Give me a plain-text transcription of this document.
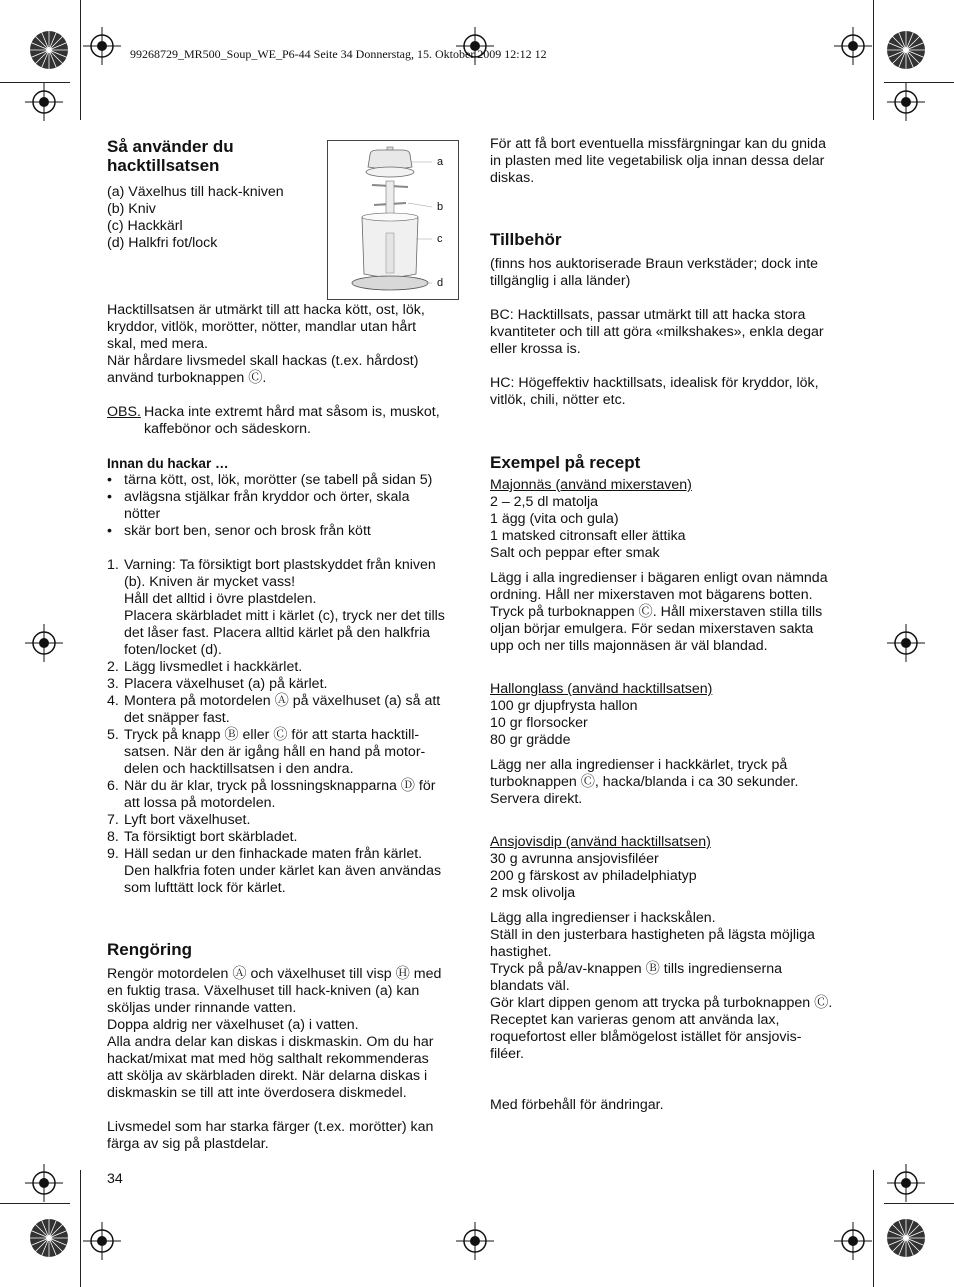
99268729_MR500_Soup_WE_P6-44 Seite 34 Donnerstag, 15. Oktober 2009 12:12 12
Så använder du
hacktillsatsen
(a) Växelhus till hack-kniven
(b) Kniv
(c) Hackkärl
(d) Halkfri fot/lock
a
b
c
d
Hacktillsatsen är utmärkt till att hacka kött, ost, lök,
kryddor, vitlök, morötter, nötter, mandlar utan hårt
skal, med mera.
När hårdare livsmedel skall hackas (t.ex. hårdost)
använd turboknappen Ⓒ.
OBS. Hacka inte extremt hård mat såsom is, muskot,
kaffebönor och sädeskorn.
Innan du hackar …
• tärna kött, ost, lök, morötter (se tabell på sidan 5)
• avlägsna stjälkar från kryddor och örter, skala
nötter
• skär bort ben, senor och brosk från kött
1. Varning: Ta försiktigt bort plastskyddet från kniven
(b). Kniven är mycket vass!
Håll det alltid i övre plastdelen.
Placera skärbladet mitt i kärlet (c), tryck ner det tills
det låser fast. Placera alltid kärlet på den halkfria
foten/locket (d).
2. Lägg livsmedlet i hackkärlet.
3. Placera växelhuset (a) på kärlet.
4. Montera på motordelen Ⓐ på växelhuset (a) så att
det snäpper fast.
5. Tryck på knapp Ⓑ eller Ⓒ för att starta hacktill-
satsen. När den är igång håll en hand på motor-
delen och hacktillsatsen i den andra.
6. När du är klar, tryck på lossningsknapparna Ⓓ för
att lossa på motordelen.
7. Lyft bort växelhuset.
8. Ta försiktigt bort skärbladet.
9. Häll sedan ur den finhackade maten från kärlet.
Den halkfria foten under kärlet kan även användas
som lufttätt lock för kärlet.
Rengöring
Rengör motordelen Ⓐ och växelhuset till visp Ⓗ med
en fuktig trasa. Växelhuset till hack-kniven (a) kan
sköljas under rinnande vatten.
Doppa aldrig ner växelhuset (a) i vatten.
Alla andra delar kan diskas i diskmaskin. Om du har
hackat/mixat mat med hög salthalt rekommenderas
att skölja av skärbladen direkt. När delarna diskas i
diskmaskin se till att inte överdosera diskmedel.
Livsmedel som har starka färger (t.ex. morötter) kan
färga av sig på plastdelar.
34
För att få bort eventuella missfärgningar kan du gnida
in plasten med lite vegetabilisk olja innan dessa delar
diskas.
Tillbehör
(finns hos auktoriserade Braun verkstäder; dock inte
tillgänglig i alla länder)
BC: Hacktillsats, passar utmärkt till att hacka stora
kvantiteter och till att göra «milkshakes», enkla degar
eller krossa is.
HC: Högeffektiv hacktillsats, idealisk för kryddor, lök,
vitlök, chili, nötter etc.
Exempel på recept
Majonnäs (använd mixerstaven)
2 – 2,5 dl matolja
1 ägg (vita och gula)
1 matsked citronsaft eller ättika
Salt och peppar efter smak
Lägg i alla ingredienser i bägaren enligt ovan nämnda
ordning. Håll ner mixerstaven mot bägarens botten.
Tryck på turboknappen Ⓒ. Håll mixerstaven stilla tills
oljan börjar emulgera. För sedan mixerstaven sakta
upp och ner tills majonnäsen är väl blandad.
Hallonglass (använd hacktillsatsen)
100 gr djupfrysta hallon
10 gr florsocker
80 gr grädde
Lägg ner alla ingredienser i hackkärlet, tryck på
turboknappen Ⓒ, hacka/blanda i ca 30 sekunder.
Servera direkt.
Ansjovisdip (använd hacktillsatsen)
30 g avrunna ansjovisfiléer
200 g färskost av philadelphiatyp
2 msk olivolja
Lägg alla ingredienser i hackskålen.
Ställ in den justerbara hastigheten på lägsta möjliga
hastighet.
Tryck på på/av-knappen Ⓑ tills ingredienserna
blandats väl.
Gör klart dippen genom att trycka på turboknappen Ⓒ.
Receptet kan varieras genom att använda lax,
roquefortost eller blåmögelost istället för ansjovis-
filéer.
Med förbehåll för ändringar.
